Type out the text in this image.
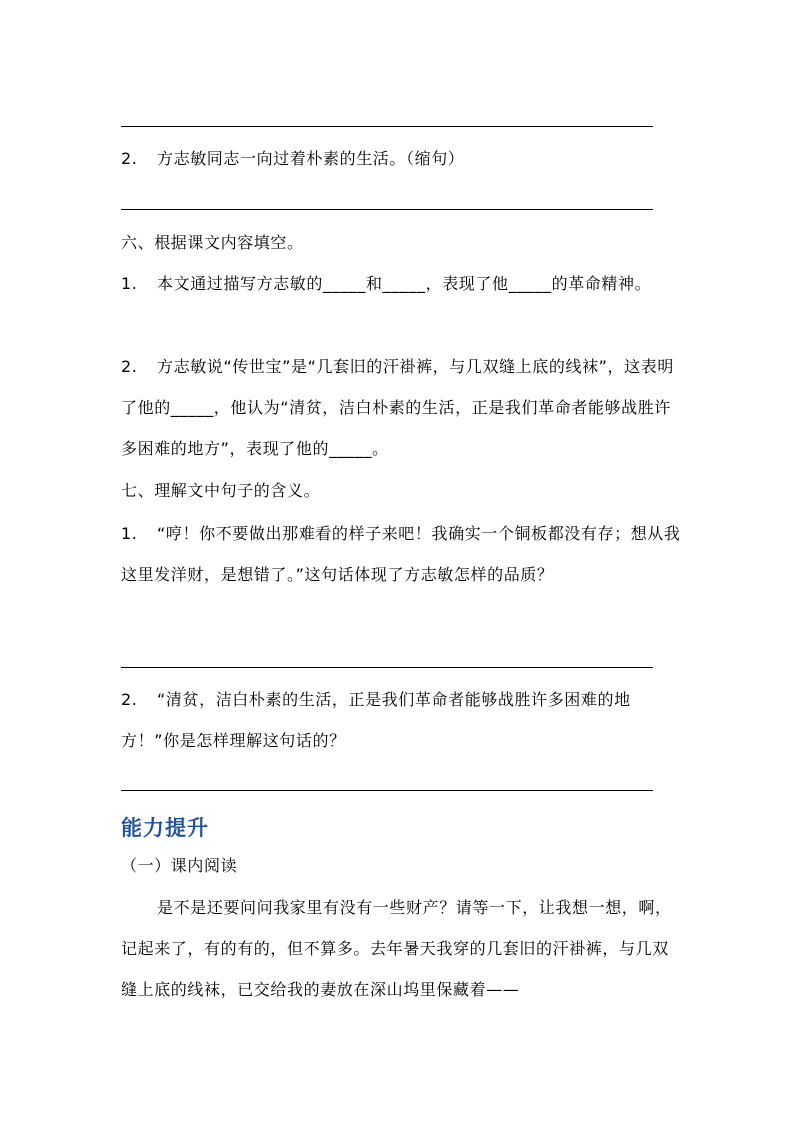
2. 方志敏同志一向过着朴素的生活。（缩句）

六、根据课文内容填空。

1. 本文通过描写方志敏的_____和_____，表现了他_____的革命精神。

2. 方志敏说“传世宝”是“几套旧的汗褂裤，与几双缝上底的线袜”，这表明了他的_____，他认为“清贫，洁白朴素的生活，正是我们革命者能够战胜许多困难的地方”，表现了他的_____。

七、理解文中句子的含义。

1. “哼！你不要做出那难看的样子来吧！我确实一个铜板都没有存；想从我这里发洋财，是想错了。”这句话体现了方志敏怎样的品质？

2. “清贫，洁白朴素的生活，正是我们革命者能够战胜许多困难的地方！”你是怎样理解这句话的？

能力提升

（一）课内阅读

是不是还要问问我家里有没有一些财产？请等一下，让我想一想，啊，记起来了，有的有的，但不算多。去年暑天我穿的几套旧的汗褂裤，与几双缝上底的线袜，已交给我的妻放在深山坞里保藏着——
